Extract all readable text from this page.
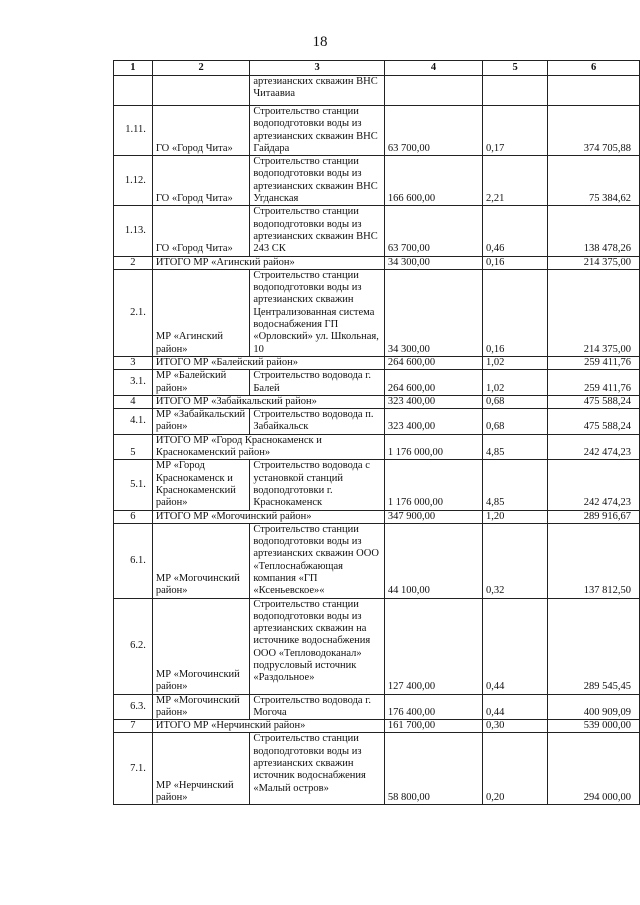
18
1	2	3	4	5	6
		артезианских скважин ВНС Читаавиа			
1.11.	ГО «Город Чита»	Строительство станции водоподготовки воды из артезианских скважин ВНС Гайдара	63 700,00	0,17	374 705,88
1.12.	ГО «Город Чита»	Строительство станции водоподготовки воды из артезианских скважин ВНС Угданская	166 600,00	2,21	75 384,62
1.13.	ГО «Город Чита»	Строительство станции водоподготовки воды из артезианских скважин ВНС 243 СК	63 700,00	0,46	138 478,26
2	ИТОГО МР «Агинский район»		34 300,00	0,16	214 375,00
2.1.	МР «Агинский район»	Строительство станции водоподготовки воды из артезианских скважин Централизованная система водоснабжения ГП «Орловский» ул. Школьная, 10	34 300,00	0,16	214 375,00
3	ИТОГО МР «Балейский район»		264 600,00	1,02	259 411,76
3.1.	МР «Балейский район»	Строительство водовода г. Балей	264 600,00	1,02	259 411,76
4	ИТОГО МР «Забайкальский район»		323 400,00	0,68	475 588,24
4.1.	МР «Забайкальский район»	Строительство водовода п. Забайкальск	323 400,00	0,68	475 588,24
5	ИТОГО МР «Город Краснокаменск и Краснокаменский район»		1 176 000,00	4,85	242 474,23
5.1.	МР «Город Краснокаменск и Краснокаменский район»	Строительство водовода с установкой станций водоподготовки г. Краснокаменск	1 176 000,00	4,85	242 474,23
6	ИТОГО МР «Могочинский район»		347 900,00	1,20	289 916,67
6.1.	МР «Могочинский район»	Строительство станции водоподготовки воды из артезианских скважин ООО «Теплоснабжающая компания «ГП «Ксеньевское»«	44 100,00	0,32	137 812,50
6.2.	МР «Могочинский район»	Строительство станции водоподготовки воды из артезианских скважин на источнике водоснабжения ООО «Тепловодоканал» подрусловый источник «Раздольное»	127 400,00	0,44	289 545,45
6.3.	МР «Могочинский район»	Строительство водовода г. Могоча	176 400,00	0,44	400 909,09
7	ИТОГО МР «Нерчинский район»		161 700,00	0,30	539 000,00
7.1.	МР «Нерчинский район»	Строительство станции водоподготовки воды из артезианских скважин источник водоснабжения «Малый остров»	58 800,00	0,20	294 000,00
